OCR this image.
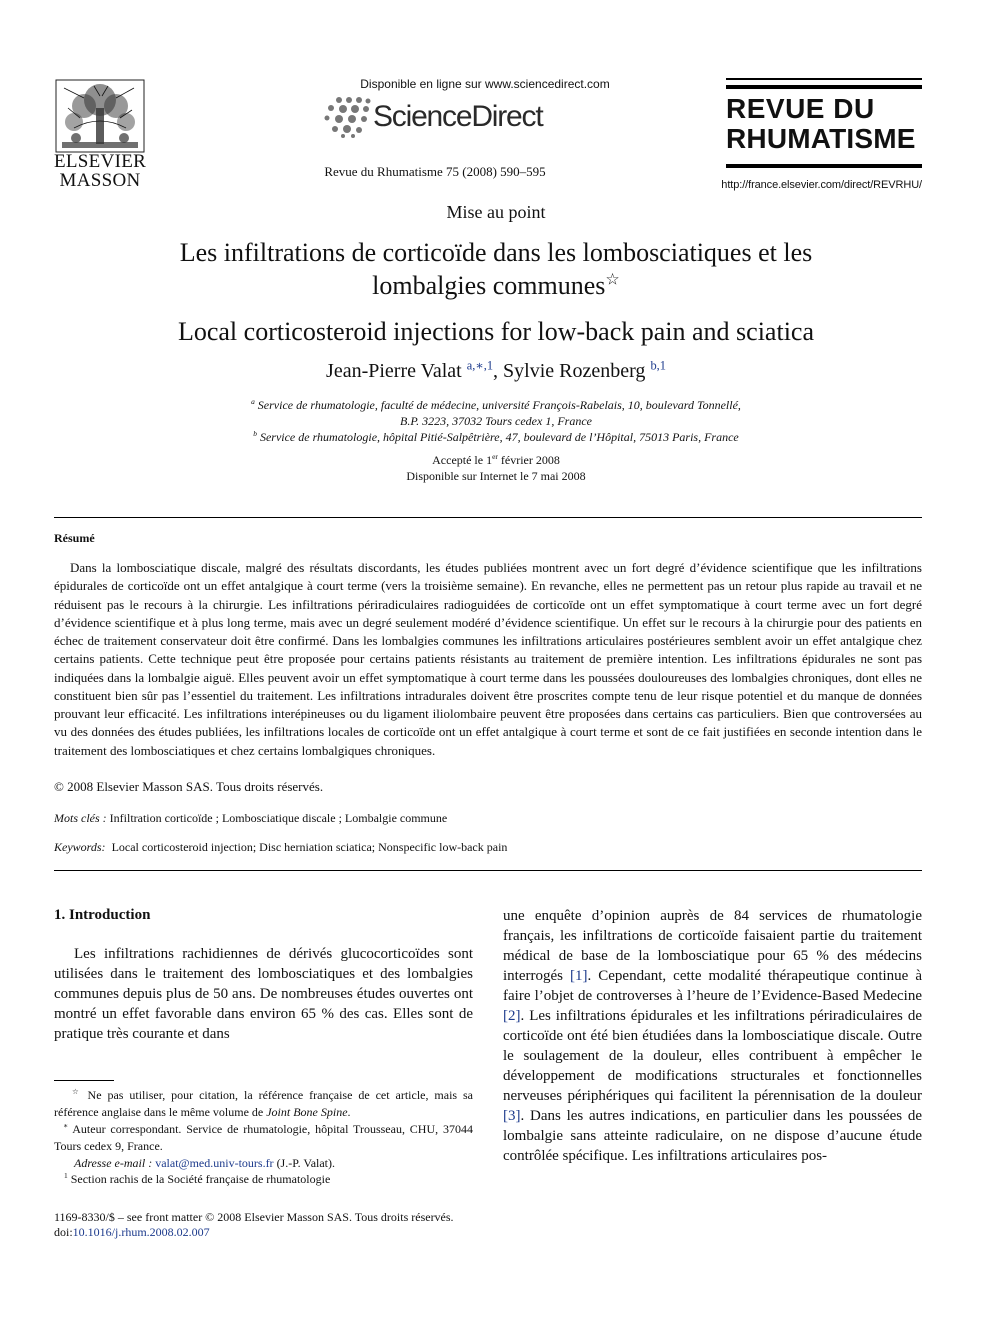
ELSEVIER
MASSON
Disponible en ligne sur www.sciencedirect.com
ScienceDirect
Revue du Rhumatisme 75 (2008) 590–595
REVUE DU
RHUMATISME
http://france.elsevier.com/direct/REVRHU/
Mise au point
Les infiltrations de corticoïde dans les lombosciatiques et les
lombalgies communes☆
Local corticosteroid injections for low-back pain and sciatica
Jean-Pierre Valat $^{a,∗,1}$, Sylvie Rozenberg $^{b,1}$
$^a$ Service de rhumatologie, faculté de médecine, université François-Rabelais, 10, boulevard Tonnellé,
B.P. 3223, 37032 Tours cedex 1, France
$^b$ Service de rhumatologie, hôpital Pitié-Salpêtrière, 47, boulevard de l’Hôpital, 75013 Paris, France
Accepté le 1er février 2008
Disponible sur Internet le 7 mai 2008
Résumé
Dans la lombosciatique discale, malgré des résultats discordants, les études publiées montrent avec un fort degré d’évidence scientifique que les infiltrations épidurales de corticoïde ont un effet antalgique à court terme (vers la troisième semaine). En revanche, elles ne permettent pas un retour plus rapide au travail et ne réduisent pas le recours à la chirurgie. Les infiltrations périradiculaires radioguidées de corticoïde ont un effet symptomatique à court terme avec un fort degré d’évidence scientifique et à plus long terme, mais avec un degré seulement modéré d’évidence scientifique. Un effet sur le recours à la chirurgie pour des patients en échec de traitement conservateur doit être confirmé. Dans les lombalgies communes les infiltrations articulaires postérieures semblent avoir un effet antalgique chez certains patients. Cette technique peut être proposée pour certains patients résistants au traitement de première intention. Les infiltrations épidurales ne sont pas indiquées dans la lombalgie aiguë. Elles peuvent avoir un effet symptomatique à court terme dans les poussées douloureuses des lombalgies chroniques, dont elles ne constituent bien sûr pas l’essentiel du traitement. Les infiltrations intradurales doivent être proscrites compte tenu de leur risque potentiel et du manque de données prouvant leur efficacité. Les infiltrations interépineuses ou du ligament iliolombaire peuvent être proposées dans certains cas particuliers. Bien que controversées au vu des données des études publiées, les infiltrations locales de corticoïde ont un effet antalgique à court terme et sont de ce fait justifiées en seconde intention dans le traitement des lombosciatiques et chez certains lombalgiques chroniques.
© 2008 Elsevier Masson SAS. Tous droits réservés.
Mots clés : Infiltration corticoïde ; Lombosciatique discale ; Lombalgie commune
Keywords: Local corticosteroid injection; Disc herniation sciatica; Nonspecific low-back pain
1. Introduction
Les infiltrations rachidiennes de dérivés glucocorticoïdes sont utilisées dans le traitement des lombosciatiques et des lombalgies communes depuis plus de 50 ans. De nombreuses études ouvertes ont montré un effet favorable dans environ 65 % des cas. Elles sont de pratique très courante et dans
une enquête d’opinion auprès de 84 services de rhumatologie français, les infiltrations de corticoïde faisaient partie du traitement médical de base de la lombosciatique pour 65 % des médecins interrogés [1]. Cependant, cette modalité thérapeutique continue à faire l’objet de controverses à l’heure de l’Evidence-Based Medecine [2]. Les infiltrations épidurales et les infiltrations périradiculaires de corticoïde ont été bien étudiées dans la lombosciatique discale. Outre le soulagement de la douleur, elles contribuent à empêcher le développement de modifications structurales et fonctionnelles nerveuses périphériques qui facilitent la pérennisation de la douleur [3]. Dans les autres indications, en particulier dans les poussées de lombalgie sans atteinte radiculaire, on ne dispose d’aucune étude contrôlée spécifique. Les infiltrations articulaires pos-
☆ Ne pas utiliser, pour citation, la référence française de cet article, mais sa référence anglaise dans le même volume de Joint Bone Spine.
∗ Auteur correspondant. Service de rhumatologie, hôpital Trousseau, CHU, 37044 Tours cedex 9, France.
Adresse e-mail : valat@med.univ-tours.fr (J.-P. Valat).
$^1$ Section rachis de la Société française de rhumatologie
1169-8330/$ – see front matter © 2008 Elsevier Masson SAS. Tous droits réservés.
doi:10.1016/j.rhum.2008.02.007
